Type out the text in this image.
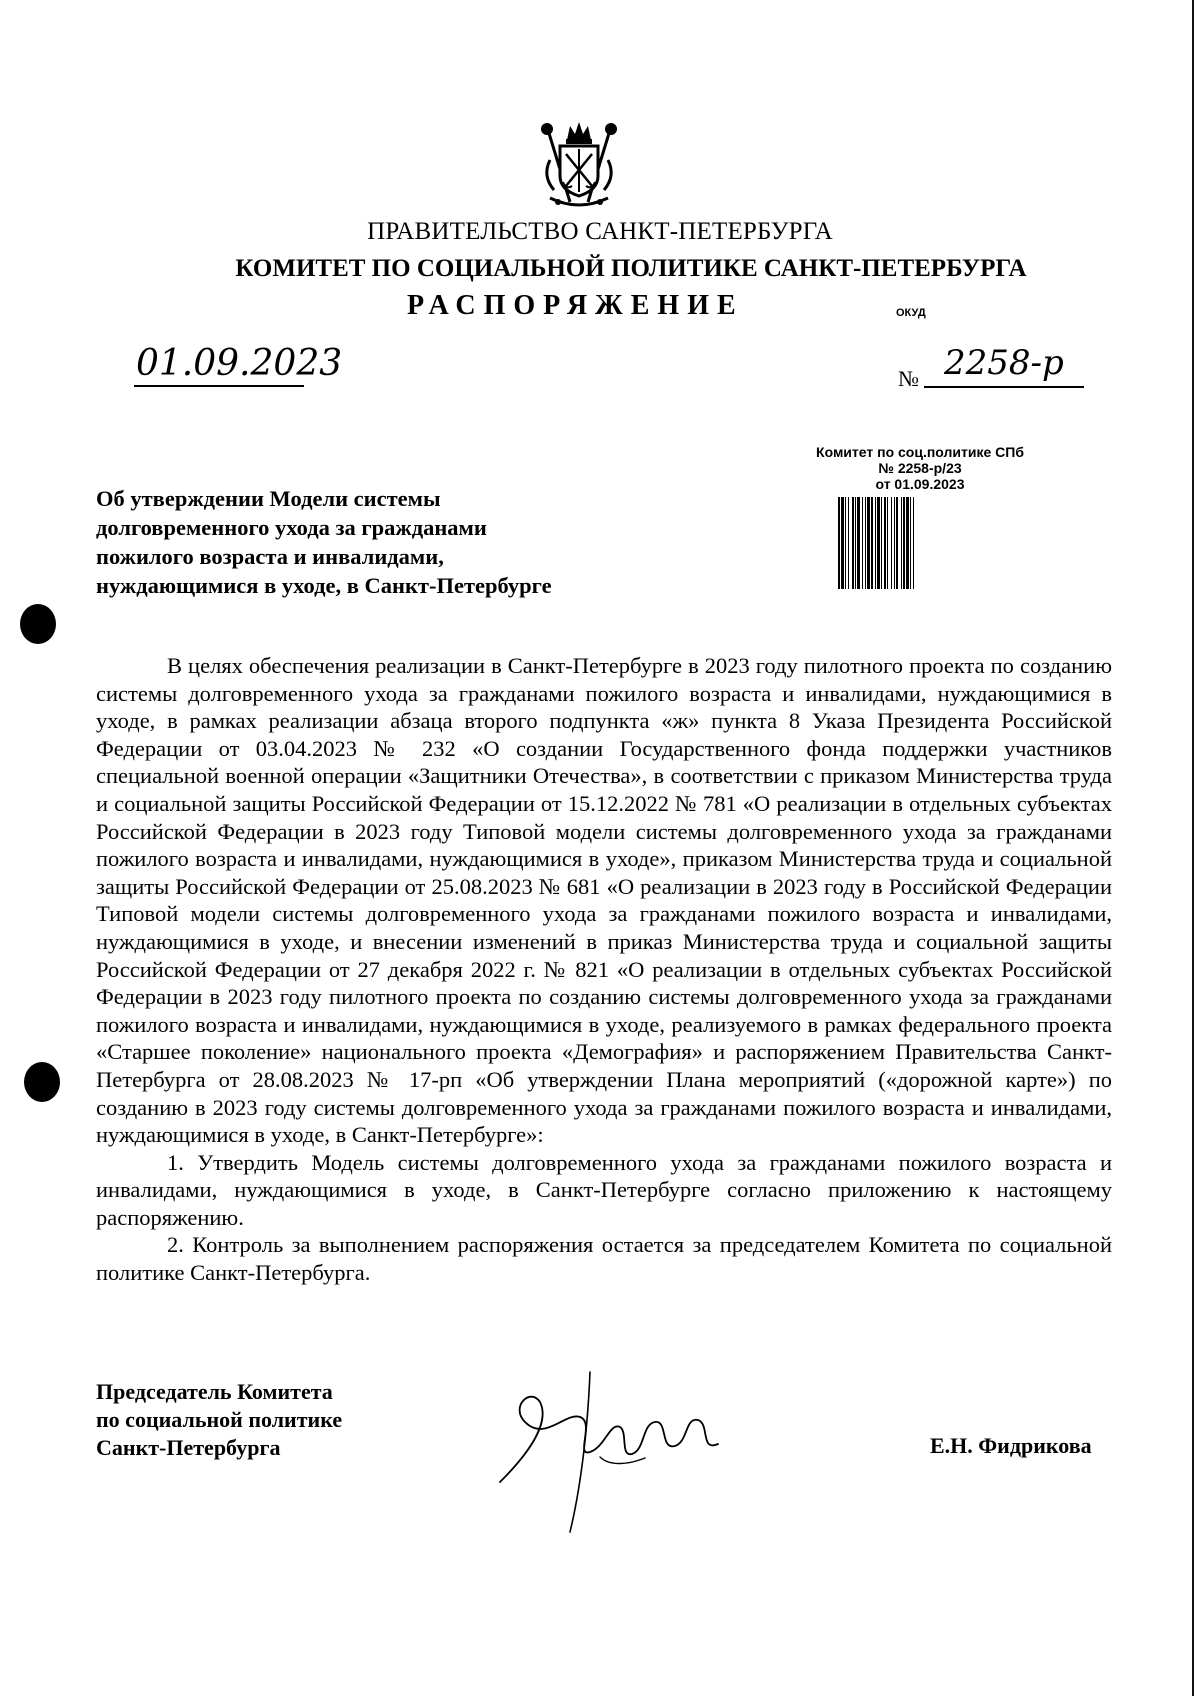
ПРАВИТЕЛЬСТВО САНКТ-ПЕТЕРБУРГА
КОМИТЕТ ПО СОЦИАЛЬНОЙ ПОЛИТИКЕ САНКТ-ПЕТЕРБУРГА
РАСПОРЯЖЕНИЕ	ОКУД
01.09.2023	№ 2258-р
Комитет по соц.политике СПб
№ 2258-р/23
от 01.09.2023
Об утверждении Модели системы
долговременного ухода за гражданами
пожилого возраста и инвалидами,
нуждающимися в уходе, в Санкт-Петербурге

В целях обеспечения реализации в Санкт-Петербурге в 2023 году пилотного проекта по созданию системы долговременного ухода за гражданами пожилого возраста и инвалидами, нуждающимися в уходе, в рамках реализации абзаца второго подпункта «ж» пункта 8 Указа Президента Российской Федерации от 03.04.2023 № 232 «О создании Государственного фонда поддержки участников специальной военной операции «Защитники Отечества», в соответствии с приказом Министерства труда и социальной защиты Российской Федерации от 15.12.2022 № 781 «О реализации в отдельных субъектах Российской Федерации в 2023 году Типовой модели системы долговременного ухода за гражданами пожилого возраста и инвалидами, нуждающимися в уходе», приказом Министерства труда и социальной защиты Российской Федерации от 25.08.2023 № 681 «О реализации в 2023 году в Российской Федерации Типовой модели системы долговременного ухода за гражданами пожилого возраста и инвалидами, нуждающимися в уходе, и внесении изменений в приказ Министерства труда и социальной защиты Российской Федерации от 27 декабря 2022 г. № 821 «О реализации в отдельных субъектах Российской Федерации в 2023 году пилотного проекта по созданию системы долговременного ухода за гражданами пожилого возраста и инвалидами, нуждающимися в уходе, реализуемого в рамках федерального проекта «Старшее поколение» национального проекта «Демография» и распоряжением Правительства Санкт-Петербурга от 28.08.2023 № 17-рп «Об утверждении Плана мероприятий («дорожной карте») по созданию в 2023 году системы долговременного ухода за гражданами пожилого возраста и инвалидами, нуждающимися в уходе, в Санкт-Петербурге»:

1. Утвердить Модель системы долговременного ухода за гражданами пожилого возраста и инвалидами, нуждающимися в уходе, в Санкт-Петербурге согласно приложению к настоящему распоряжению.

2. Контроль за выполнением распоряжения остается за председателем Комитета по социальной политике Санкт-Петербурга.

Председатель Комитета
по социальной политике
Санкт-Петербурга	Е.Н. Фидрикова
